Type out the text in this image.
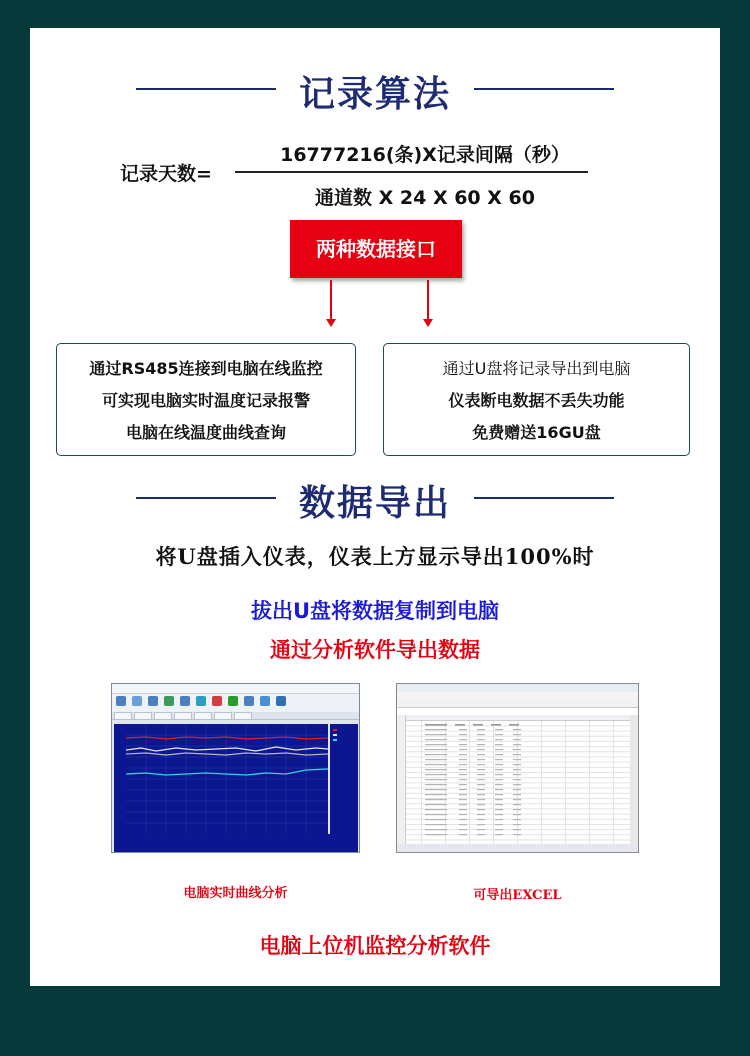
记录算法
记录天数=
16777216(条)X记录间隔（秒）
通道数 X 24 X 60 X 60
两种数据接口
通过RS485连接到电脑在线监控
可实现电脑实时温度记录报警
电脑在线温度曲线查询
通过U盘将记录导出到电脑
仪表断电数据不丢失功能
免费赠送16GU盘
数据导出
将U盘插入仪表，仪表上方显示导出100%时
拔出U盘将数据复制到电脑
通过分析软件导出数据
电脑实时曲线分析	可导出EXCEL
电脑上位机监控分析软件
